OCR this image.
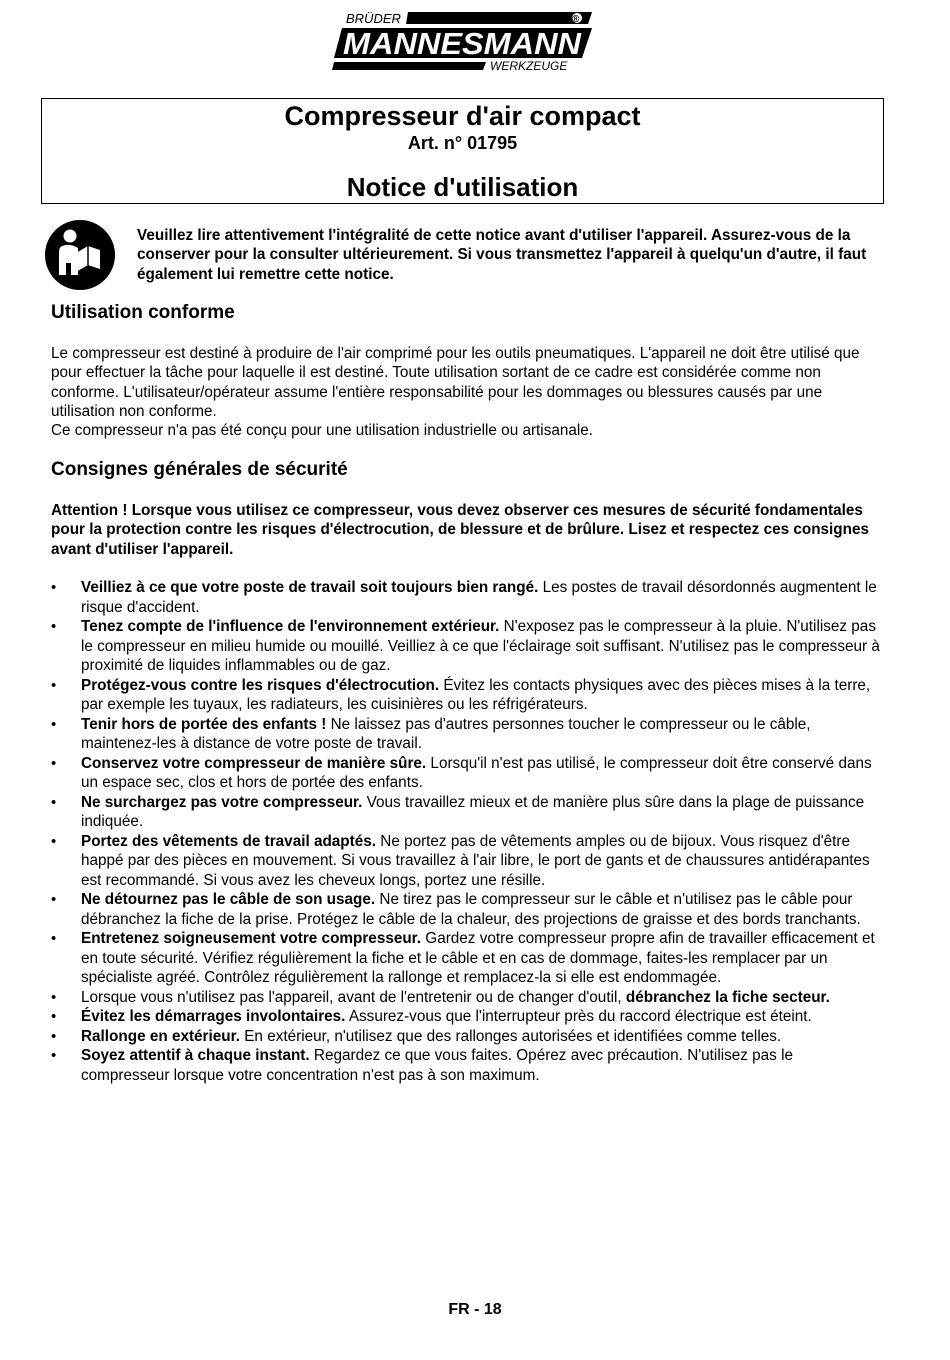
BRÜDER	®
MANNESMANN
WERKZEUGE
Compresseur d'air compact
Art. n° 01795
Notice d'utilisation
Veuillez lire attentivement l'intégralité de cette notice avant d'utiliser l'appareil. Assurez-vous de la conserver pour la consulter ultérieurement. Si vous transmettez l'appareil à quelqu'un d'autre, il faut également lui remettre cette notice.
Utilisation conforme

Le compresseur est destiné à produire de l'air comprimé pour les outils pneumatiques. L'appareil ne doit être utilisé que pour effectuer la tâche pour laquelle il est destiné. Toute utilisation sortant de ce cadre est considérée comme non conforme. L'utilisateur/opérateur assume l'entière responsabilité pour les dommages ou blessures causés par une utilisation non conforme.

Ce compresseur n'a pas été conçu pour une utilisation industrielle ou artisanale.

Consignes générales de sécurité

Attention ! Lorsque vous utilisez ce compresseur, vous devez observer ces mesures de sécurité fondamentales pour la protection contre les risques d'électrocution, de blessure et de brûlure. Lisez et respectez ces consignes avant d'utiliser l'appareil.

• Veilliez à ce que votre poste de travail soit toujours bien rangé. Les postes de travail désordonnés augmentent le risque d'accident.
• Tenez compte de l'influence de l'environnement extérieur. N'exposez pas le compresseur à la pluie. N'utilisez pas le compresseur en milieu humide ou mouillé. Veilliez à ce que l'éclairage soit suffisant. N'utilisez pas le compresseur à proximité de liquides inflammables ou de gaz.
• Protégez-vous contre les risques d'électrocution. Évitez les contacts physiques avec des pièces mises à la terre, par exemple les tuyaux, les radiateurs, les cuisinières ou les réfrigérateurs.
• Tenir hors de portée des enfants ! Ne laissez pas d'autres personnes toucher le compresseur ou le câble, maintenez-les à distance de votre poste de travail.
• Conservez votre compresseur de manière sûre. Lorsqu'il n'est pas utilisé, le compresseur doit être conservé dans un espace sec, clos et hors de portée des enfants.
• Ne surchargez pas votre compresseur. Vous travaillez mieux et de manière plus sûre dans la plage de puissance indiquée.
• Portez des vêtements de travail adaptés. Ne portez pas de vêtements amples ou de bijoux. Vous risquez d'être happé par des pièces en mouvement. Si vous travaillez à l'air libre, le port de gants et de chaussures antidérapantes est recommandé. Si vous avez les cheveux longs, portez une résille.
• Ne détournez pas le câble de son usage. Ne tirez pas le compresseur sur le câble et n'utilisez pas le câble pour débranchez la fiche de la prise. Protégez le câble de la chaleur, des projections de graisse et des bords tranchants.
• Entretenez soigneusement votre compresseur. Gardez votre compresseur propre afin de travailler efficacement et en toute sécurité. Vérifiez régulièrement la fiche et le câble et en cas de dommage, faites-les remplacer par un spécialiste agréé. Contrôlez régulièrement la rallonge et remplacez-la si elle est endommagée.
• Lorsque vous n'utilisez pas l'appareil, avant de l'entretenir ou de changer d'outil, débranchez la fiche secteur.
• Évitez les démarrages involontaires. Assurez-vous que l'interrupteur près du raccord électrique est éteint.
• Rallonge en extérieur. En extérieur, n'utilisez que des rallonges autorisées et identifiées comme telles.
• Soyez attentif à chaque instant. Regardez ce que vous faites. Opérez avec précaution. N'utilisez pas le compresseur lorsque votre concentration n'est pas à son maximum.
FR - 18
